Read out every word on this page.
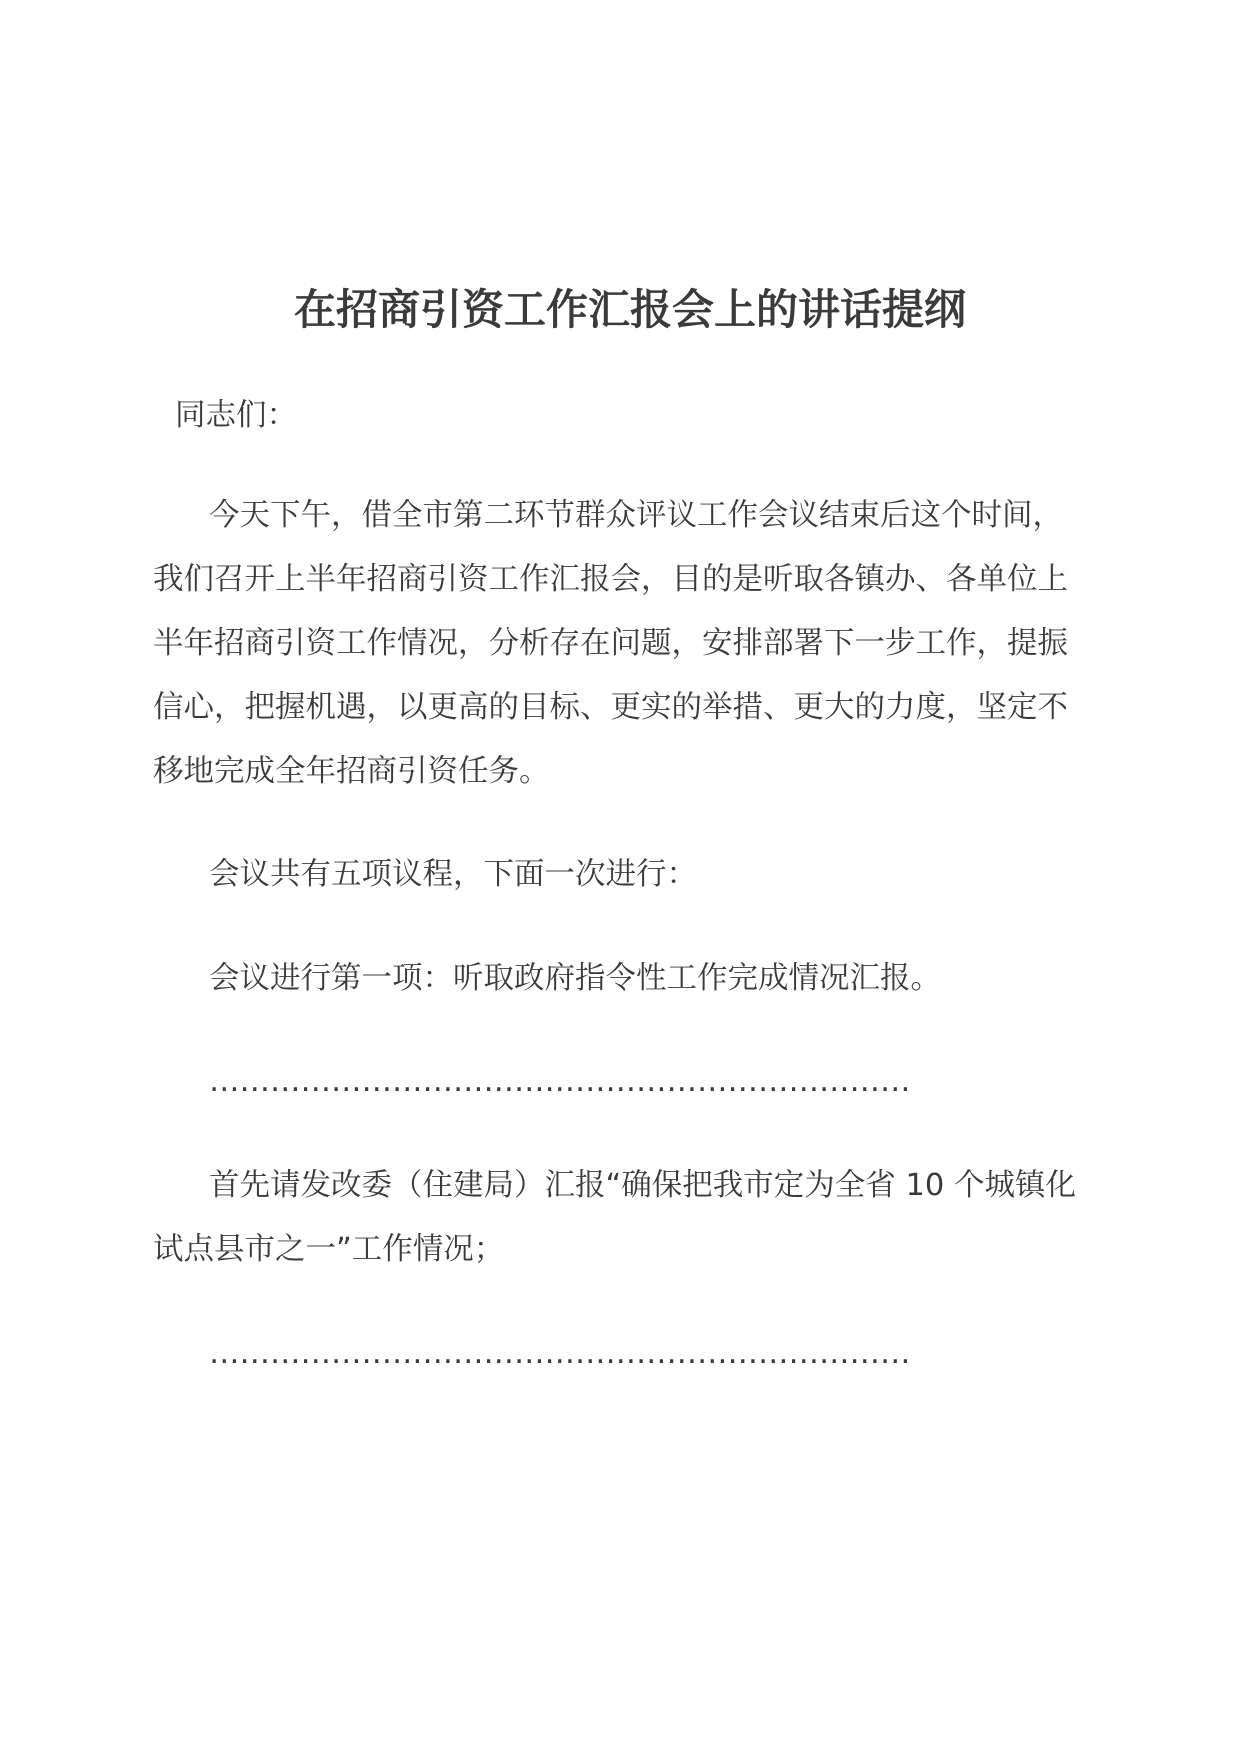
在招商引资工作汇报会上的讲话提纲

同志们：

今天下午，借全市第二环节群众评议工作会议结束后这个时间，我们召开上半年招商引资工作汇报会，目的是听取各镇办、各单位上半年招商引资工作情况，分析存在问题，安排部署下一步工作，提振信心，把握机遇，以更高的目标、更实的举措、更大的力度，坚定不移地完成全年招商引资任务。

会议共有五项议程，下面一次进行：

会议进行第一项：听取政府指令性工作完成情况汇报。

……………………………………………………………

首先请发改委（住建局）汇报“确保把我市定为全省 10 个城镇化试点县市之一”工作情况；

……………………………………………………………
